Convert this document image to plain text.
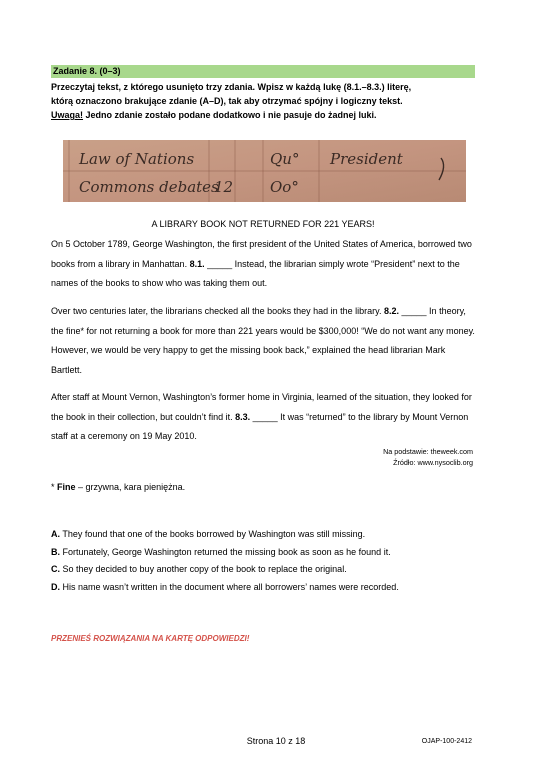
Zadanie 8. (0–3)
Przeczytaj tekst, z którego usunięto trzy zdania. Wpisz w każdą lukę (8.1.–8.3.) literę,
którą oznaczono brakujące zdanie (A–D), tak aby otrzymać spójny i logiczny tekst.
Uwaga! Jedno zdanie zostało podane dodatkowo i nie pasuje do żadnej luki.
Law of Nations	Qu° President
Commons debates
12 Oo°
A LIBRARY BOOK NOT RETURNED FOR 221 YEARS!
On 5 October 1789, George Washington, the first president of the United States of America, borrowed two books from a library in Manhattan. 8.1. _____ Instead, the librarian simply wrote “President” next to the names of the books to show who was taking them out.
Over two centuries later, the librarians checked all the books they had in the library. 8.2. _____ In theory, the fine* for not returning a book for more than 221 years would be $300,000! “We do not want any money. However, we would be very happy to get the missing book back,” explained the head librarian Mark Bartlett.
After staff at Mount Vernon, Washington’s former home in Virginia, learned of the situation, they looked for the book in their collection, but couldn’t find it. 8.3. _____ It was “returned” to the library by Mount Vernon staff at a ceremony on 19 May 2010.
Na podstawie: theweek.com
Źródło: www.nysoclib.org
* Fine – grzywna, kara pieniężna.
A. They found that one of the books borrowed by Washington was still missing.
B. Fortunately, George Washington returned the missing book as soon as he found it.
C. So they decided to buy another copy of the book to replace the original.
D. His name wasn’t written in the document where all borrowers’ names were recorded.
PRZENIEŚ ROZWIĄZANIA NA KARTĘ ODPOWIEDZI!
Strona 10 z 18	OJAP-100-2412
